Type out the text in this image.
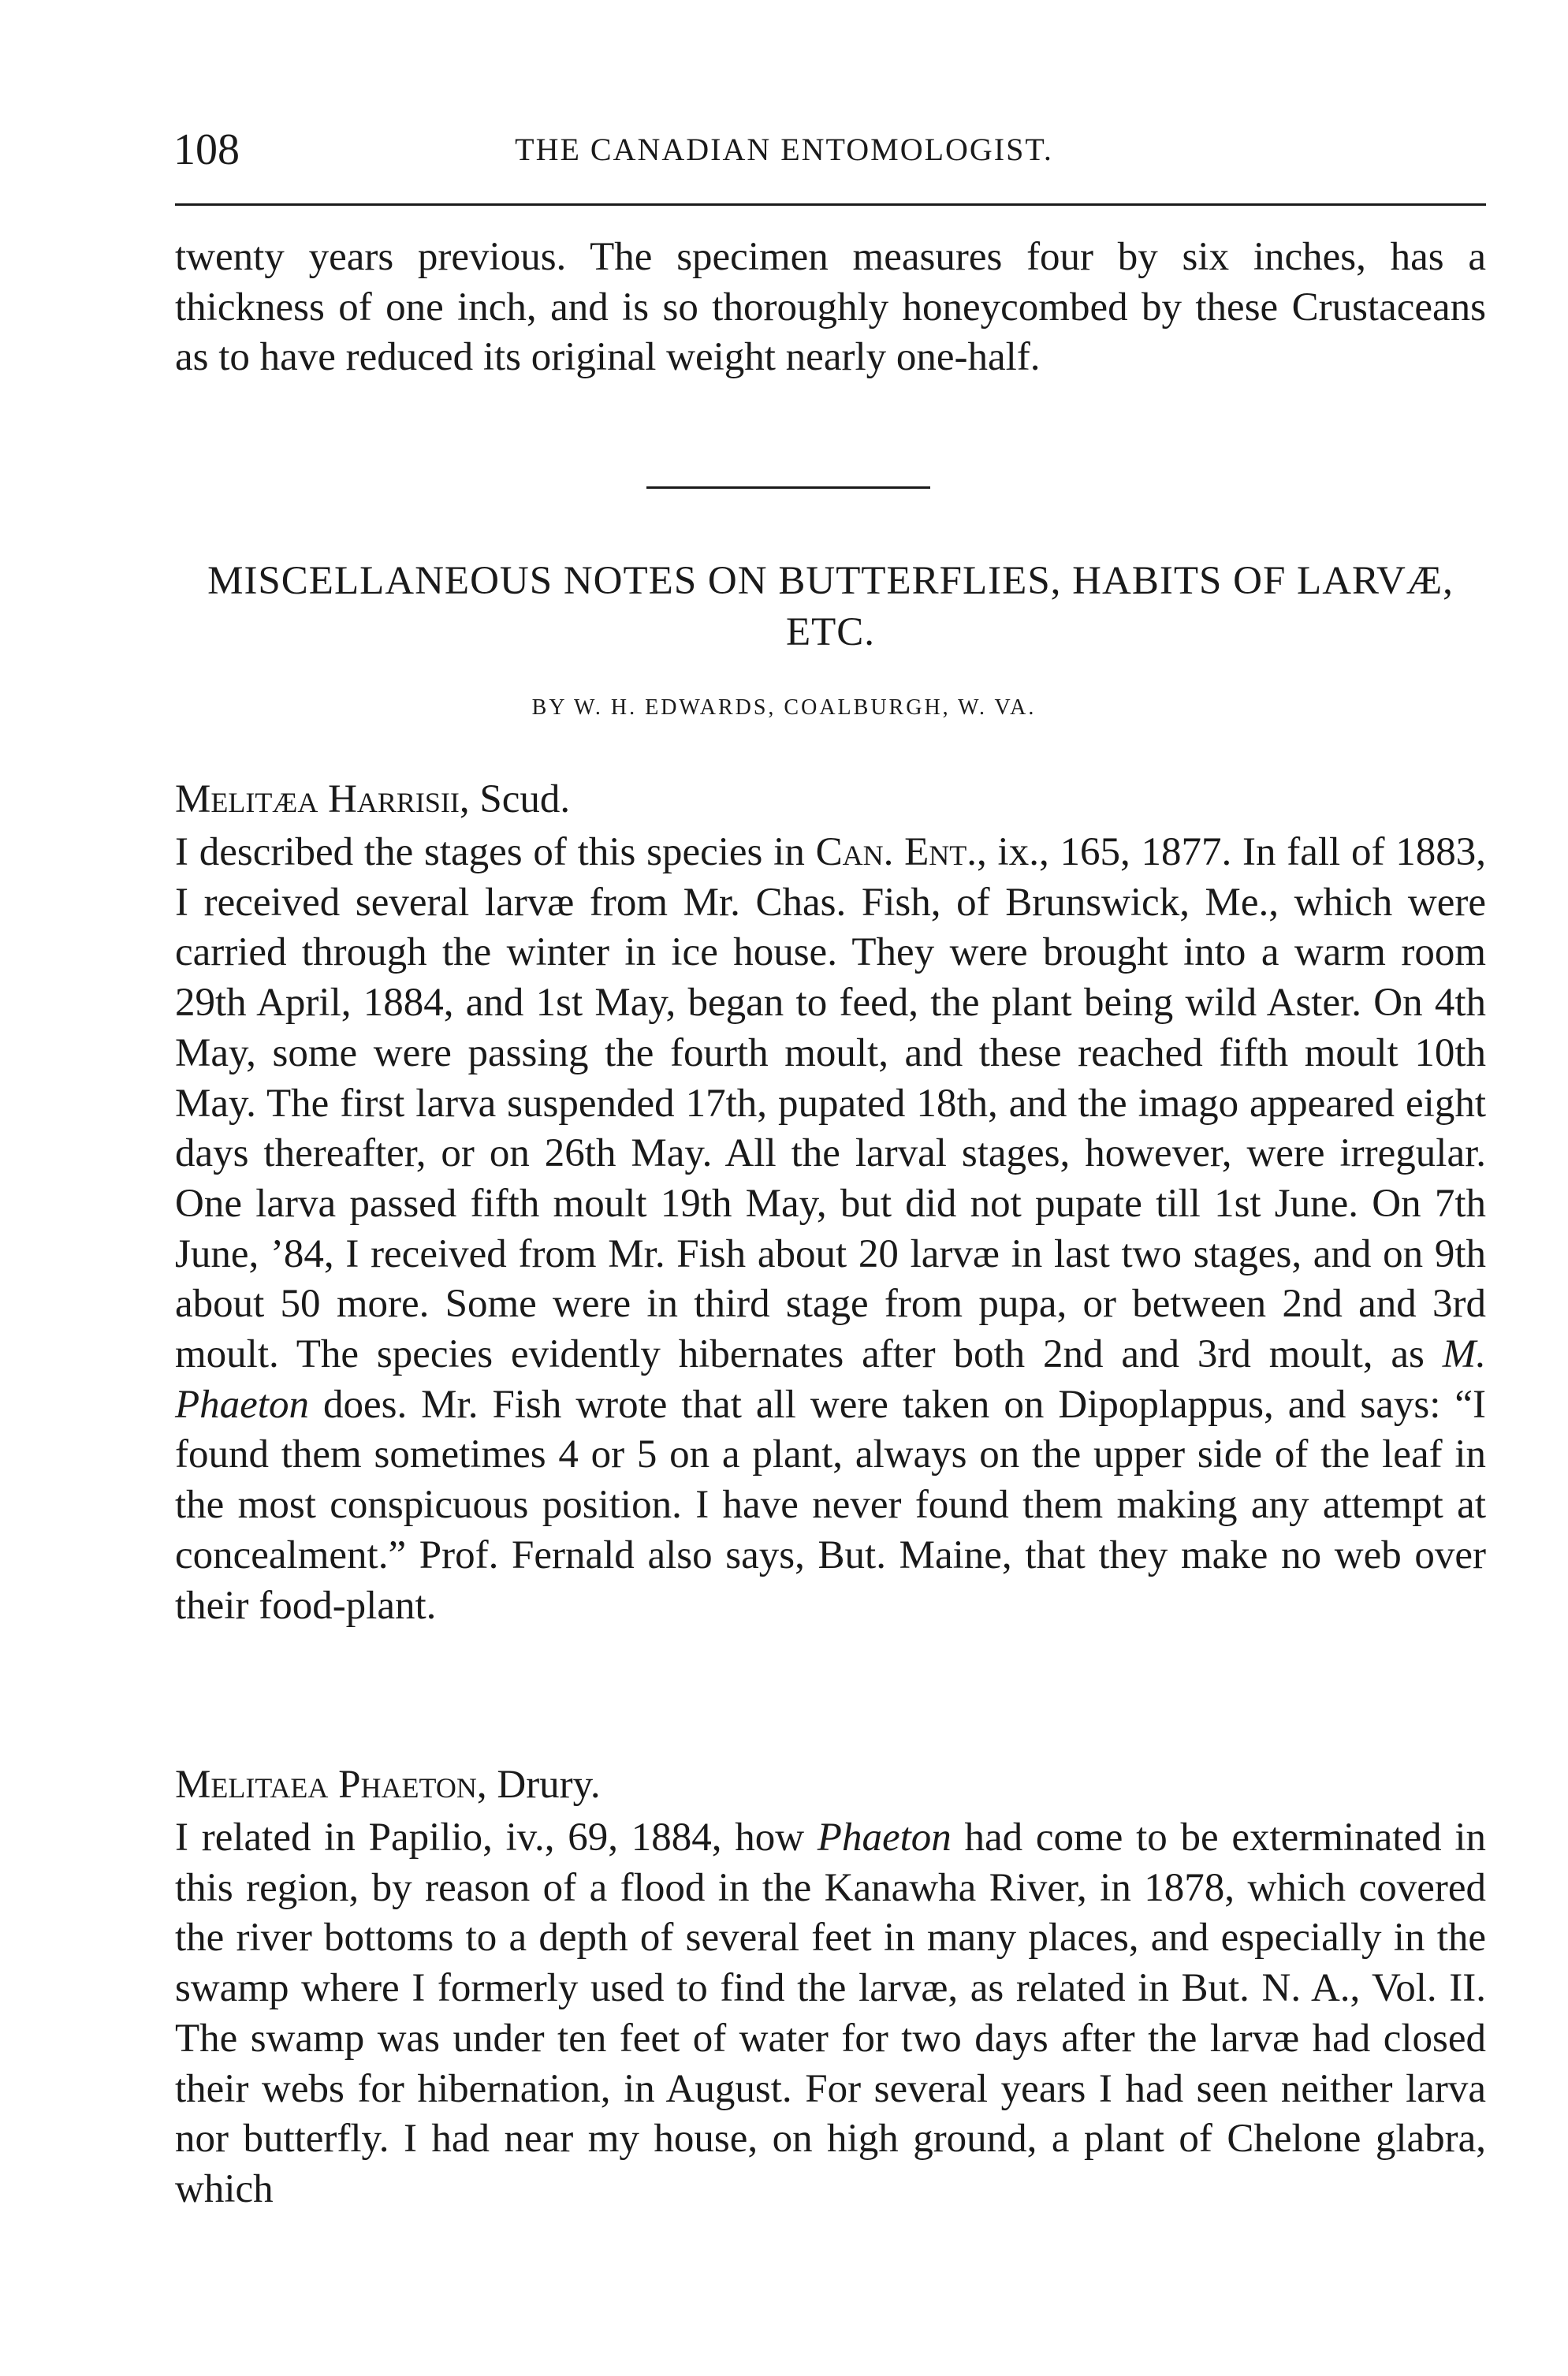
108	THE CANADIAN ENTOMOLOGIST.

twenty years previous. The specimen measures four by six inches, has a thickness of one inch, and is so thoroughly honeycombed by these Crustaceans as to have reduced its original weight nearly one-half.

MISCELLANEOUS NOTES ON BUTTERFLIES, HABITS OF LARVÆ, ETC.
BY W. H. EDWARDS, COALBURGH, W. VA.
Melitæa Harrisii, Scud.

I described the stages of this species in Can. Ent., ix., 165, 1877. In fall of 1883, I received several larvæ from Mr. Chas. Fish, of Brunswick, Me., which were carried through the winter in ice house. They were brought into a warm room 29th April, 1884, and 1st May, began to feed, the plant being wild Aster. On 4th May, some were passing the fourth moult, and these reached fifth moult 10th May. The first larva suspended 17th, pupated 18th, and the imago appeared eight days thereafter, or on 26th May. All the larval stages, however, were irregular. One larva passed fifth moult 19th May, but did not pupate till 1st June. On 7th June, ’84, I received from Mr. Fish about 20 larvæ in last two stages, and on 9th about 50 more. Some were in third stage from pupa, or between 2nd and 3rd moult. The species evidently hibernates after both 2nd and 3rd moult, as M. Phaeton does. Mr. Fish wrote that all were taken on Dipoplappus, and says: “I found them sometimes 4 or 5 on a plant, always on the upper side of the leaf in the most conspicuous position. I have never found them making any attempt at concealment.” Prof. Fernald also says, But. Maine, that they make no web over their food-plant.

Melitaea Phaeton, Drury.

I related in Papilio, iv., 69, 1884, how Phaeton had come to be exterminated in this region, by reason of a flood in the Kanawha River, in 1878, which covered the river bottoms to a depth of several feet in many places, and especially in the swamp where I formerly used to find the larvæ, as related in But. N. A., Vol. II. The swamp was under ten feet of water for two days after the larvæ had closed their webs for hibernation, in August. For several years I had seen neither larva nor butterfly. I had near my house, on high ground, a plant of Chelone glabra, which
